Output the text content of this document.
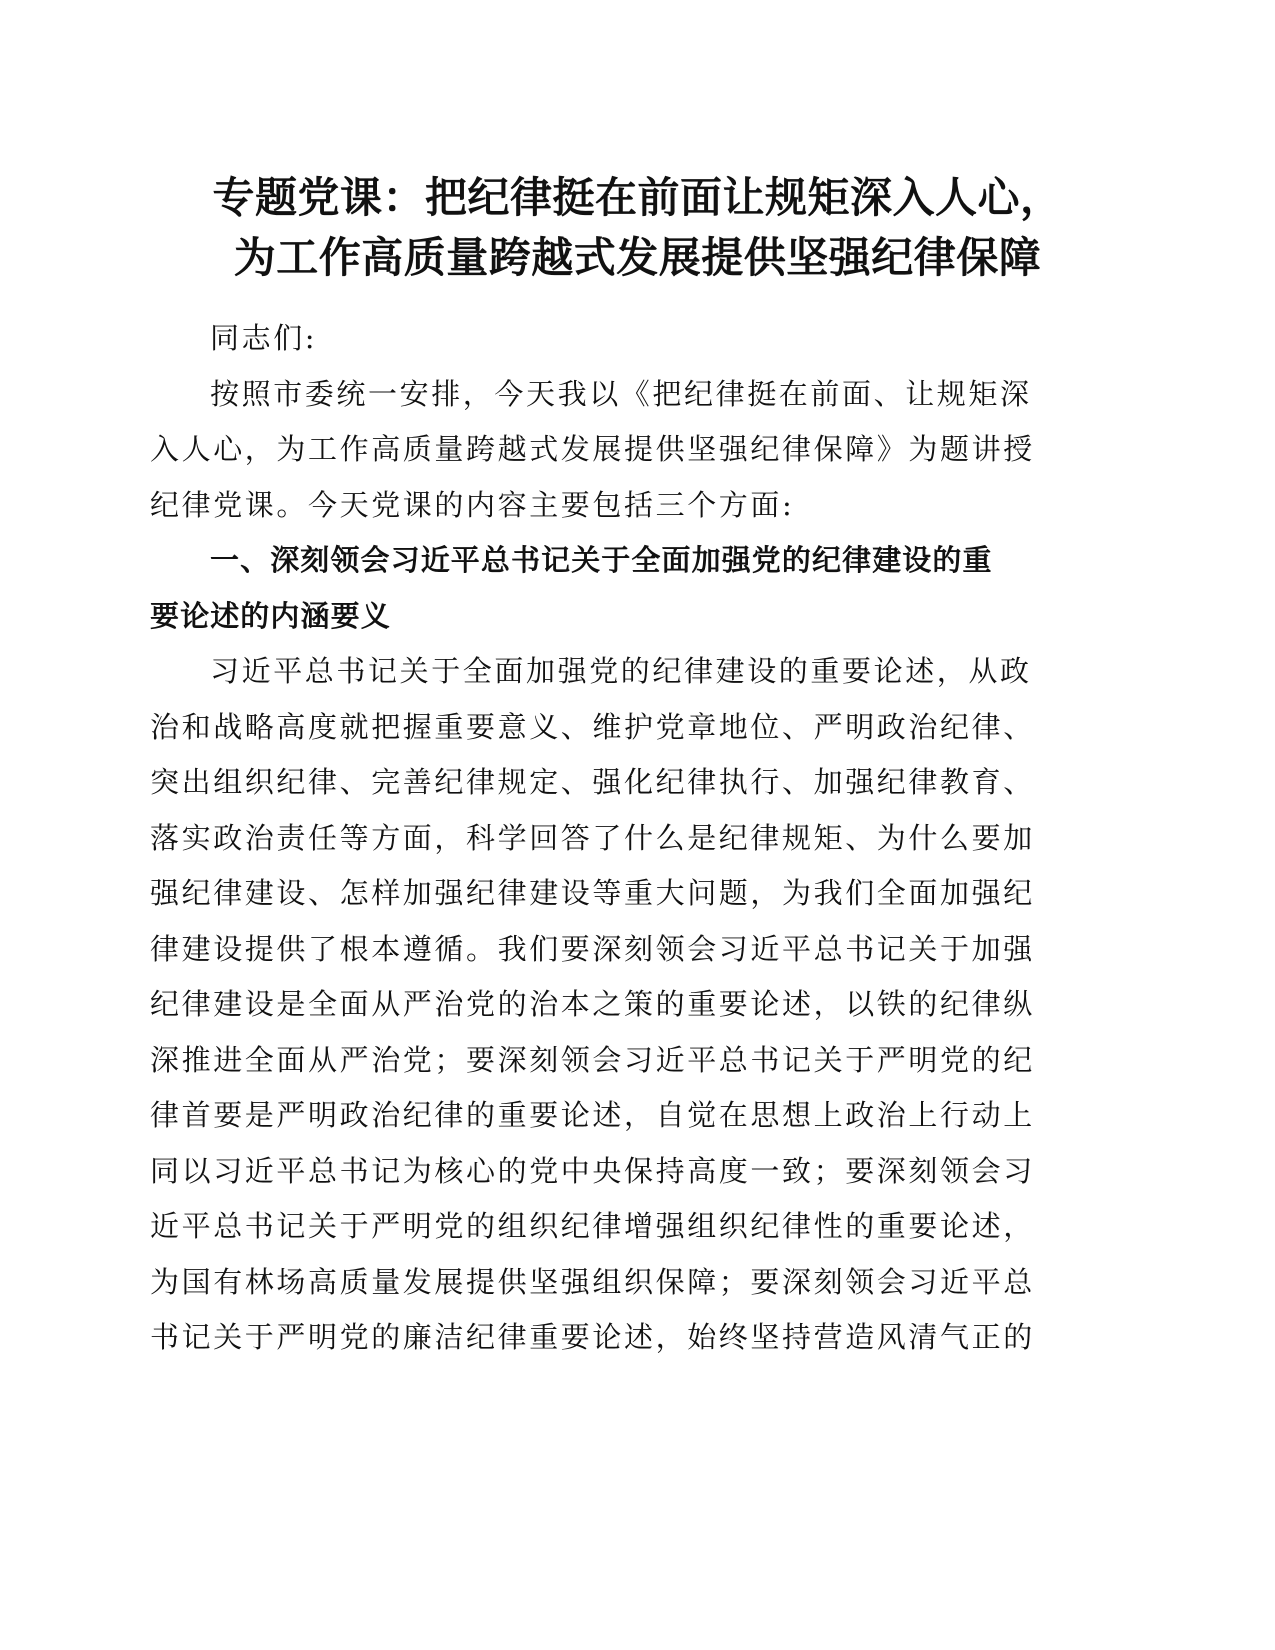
专题党课：把纪律挺在前面让规矩深入人心，
为工作高质量跨越式发展提供坚强纪律保障

同志们:

按照市委统一安排，今天我以《把纪律挺在前面、让规矩深
入人心，为工作高质量跨越式发展提供坚强纪律保障》为题讲授
纪律党课。今天党课的内容主要包括三个方面:

一、深刻领会习近平总书记关于全面加强党的纪律建设的重
要论述的内涵要义

习近平总书记关于全面加强党的纪律建设的重要论述，从政
治和战略高度就把握重要意义、维护党章地位、严明政治纪律、
突出组织纪律、完善纪律规定、强化纪律执行、加强纪律教育、
落实政治责任等方面，科学回答了什么是纪律规矩、为什么要加
强纪律建设、怎样加强纪律建设等重大问题，为我们全面加强纪
律建设提供了根本遵循。我们要深刻领会习近平总书记关于加强
纪律建设是全面从严治党的治本之策的重要论述，以铁的纪律纵
深推进全面从严治党；要深刻领会习近平总书记关于严明党的纪
律首要是严明政治纪律的重要论述，自觉在思想上政治上行动上
同以习近平总书记为核心的党中央保持高度一致；要深刻领会习
近平总书记关于严明党的组织纪律增强组织纪律性的重要论述，
为国有林场高质量发展提供坚强组织保障；要深刻领会习近平总
书记关于严明党的廉洁纪律重要论述，始终坚持营造风清气正的
